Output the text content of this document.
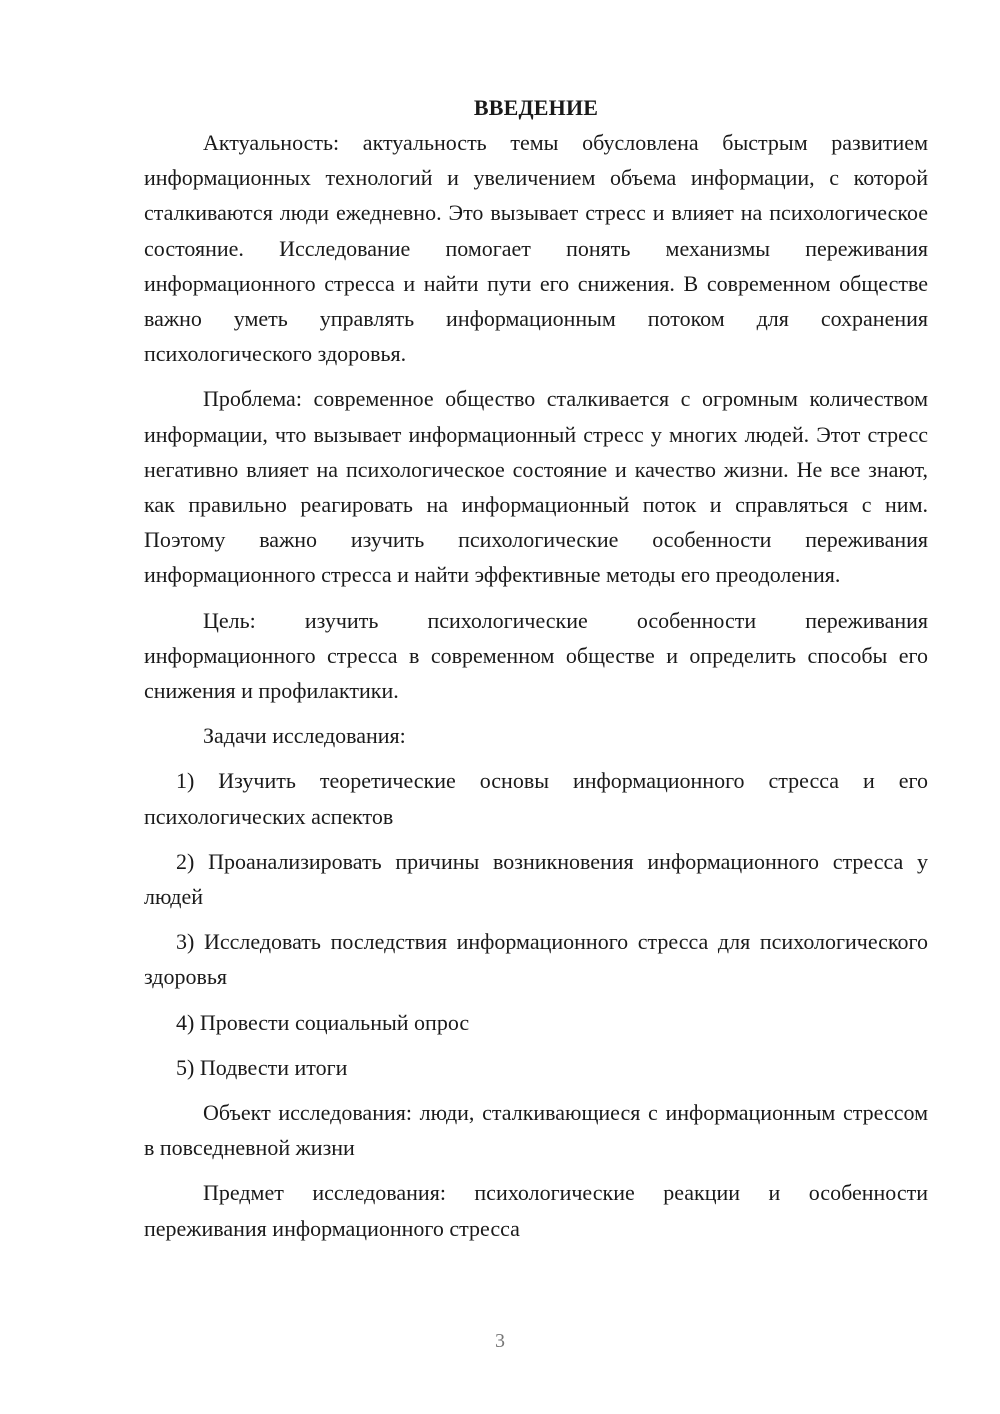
ВВЕДЕНИЕ

Актуальность: актуальность темы обусловлена быстрым развитием информационных технологий и увеличением объема информации, с которой сталкиваются люди ежедневно. Это вызывает стресс и влияет на психологическое состояние. Исследование помогает понять механизмы переживания информационного стресса и найти пути его снижения. В современном обществе важно уметь управлять информационным потоком для сохранения психологического здоровья.

Проблема: современное общество сталкивается с огромным количеством информации, что вызывает информационный стресс у многих людей. Этот стресс негативно влияет на психологическое состояние и качество жизни. Не все знают, как правильно реагировать на информационный поток и справляться с ним. Поэтому важно изучить психологические особенности переживания информационного стресса и найти эффективные методы его преодоления.

Цель: изучить психологические особенности переживания информационного стресса в современном обществе и определить способы его снижения и профилактики.

Задачи исследования:

1) Изучить теоретические основы информационного стресса и его психологических аспектов

2) Проанализировать причины возникновения информационного стресса у людей

3) Исследовать последствия информационного стресса для психологического здоровья

4) Провести социальный опрос

5) Подвести итоги

Объект исследования: люди, сталкивающиеся с информационным стрессом в повседневной жизни

Предмет исследования: психологические реакции и особенности переживания информационного стресса

3
